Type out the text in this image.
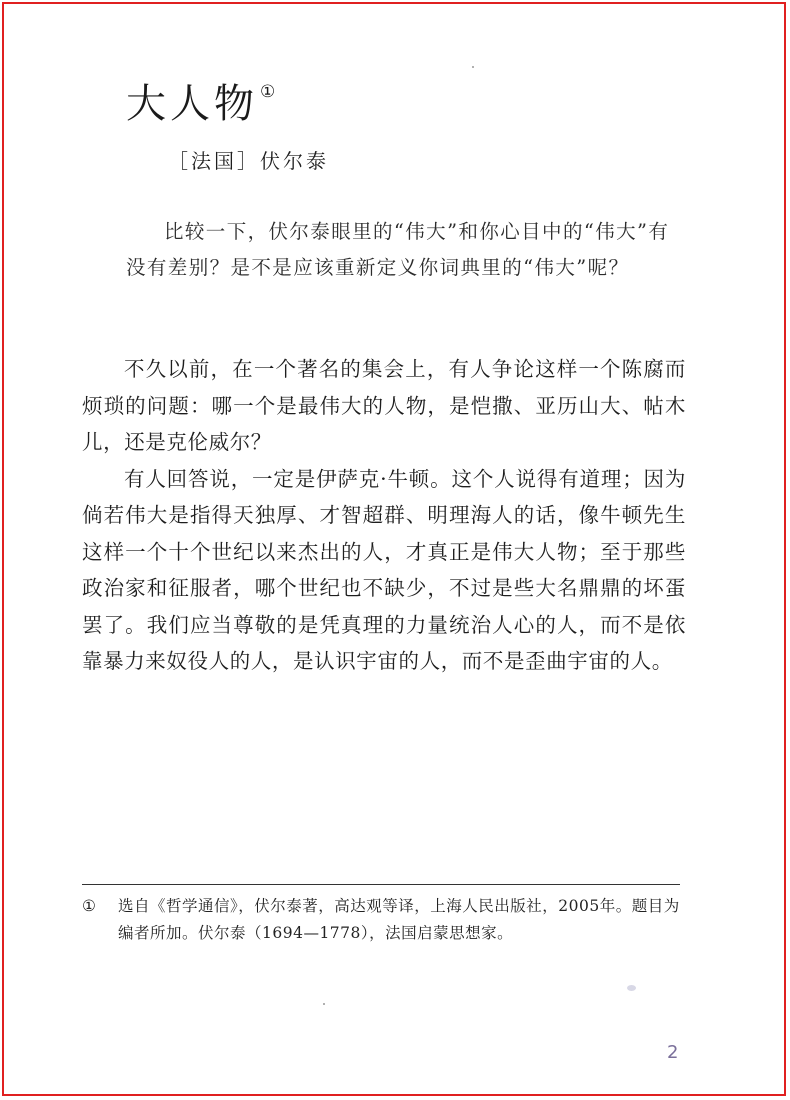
大人物 ①
［法国］伏尔泰
比较一下，伏尔泰眼里的“伟大”和你心目中的“伟大”有没有差别？是不是应该重新定义你词典里的“伟大”呢？

不久以前，在一个著名的集会上，有人争论这样一个陈腐而烦琐的问题：哪一个是最伟大的人物，是恺撒、亚历山大、帖木儿，还是克伦威尔？

有人回答说，一定是伊萨克·牛顿。这个人说得有道理；因为倘若伟大是指得天独厚、才智超群、明理海人的话，像牛顿先生这样一个十个世纪以来杰出的人，才真正是伟大人物；至于那些政治家和征服者，哪个世纪也不缺少，不过是些大名鼎鼎的坏蛋罢了。我们应当尊敬的是凭真理的力量统治人心的人，而不是依靠暴力来奴役人的人，是认识宇宙的人，而不是歪曲宇宙的人。

① 选自《哲学通信》，伏尔泰著，高达观等译，上海人民出版社，2005年。题目为编者所加。伏尔泰（1694—1778），法国启蒙思想家。
2
